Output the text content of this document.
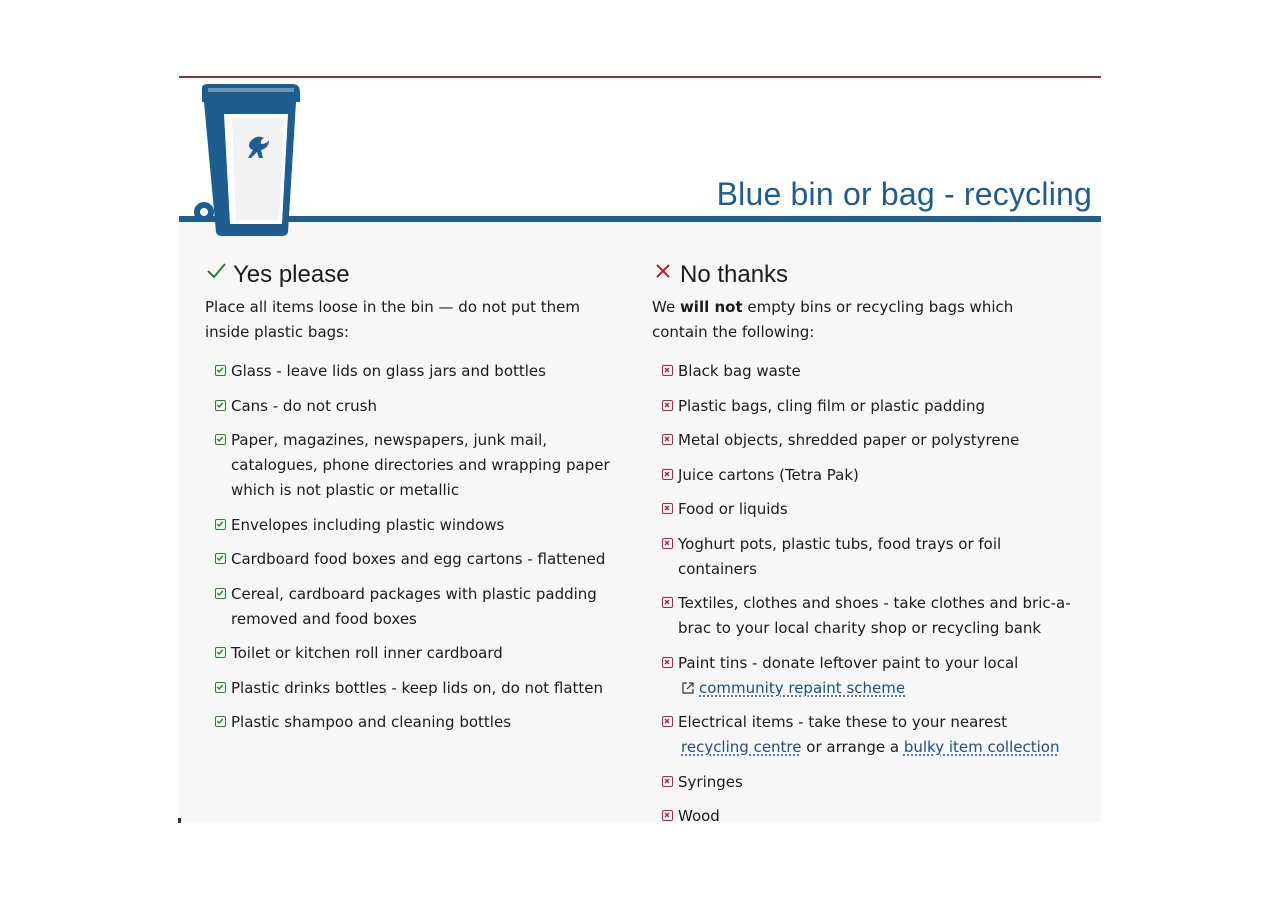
Blue bin or bag - recycling
Yes please

Place all items loose in the bin — do not put them inside plastic bags:

Glass - leave lids on glass jars and bottles
Cans - do not crush
Paper, magazines, newspapers, junk mail, catalogues, phone directories and wrapping paper which is not plastic or metallic
Envelopes including plastic windows
Cardboard food boxes and egg cartons - flattened
Cereal, cardboard packages with plastic padding removed and food boxes
Toilet or kitchen roll inner cardboard
Plastic drinks bottles - keep lids on, do not flatten
Plastic shampoo and cleaning bottles
No thanks

We will not empty bins or recycling bags which contain the following:

Black bag waste
Plastic bags, cling film or plastic padding
Metal objects, shredded paper or polystyrene
Juice cartons (Tetra Pak)
Food or liquids
Yoghurt pots, plastic tubs, food trays or foil containers
Textiles, clothes and shoes - take clothes and bric-a-brac to your local charity shop or recycling bank
Paint tins - donate leftover paint to your local
community repaint scheme
Electrical items - take these to your nearest
recycling centre or arrange a bulky item collection
Syringes
Wood
